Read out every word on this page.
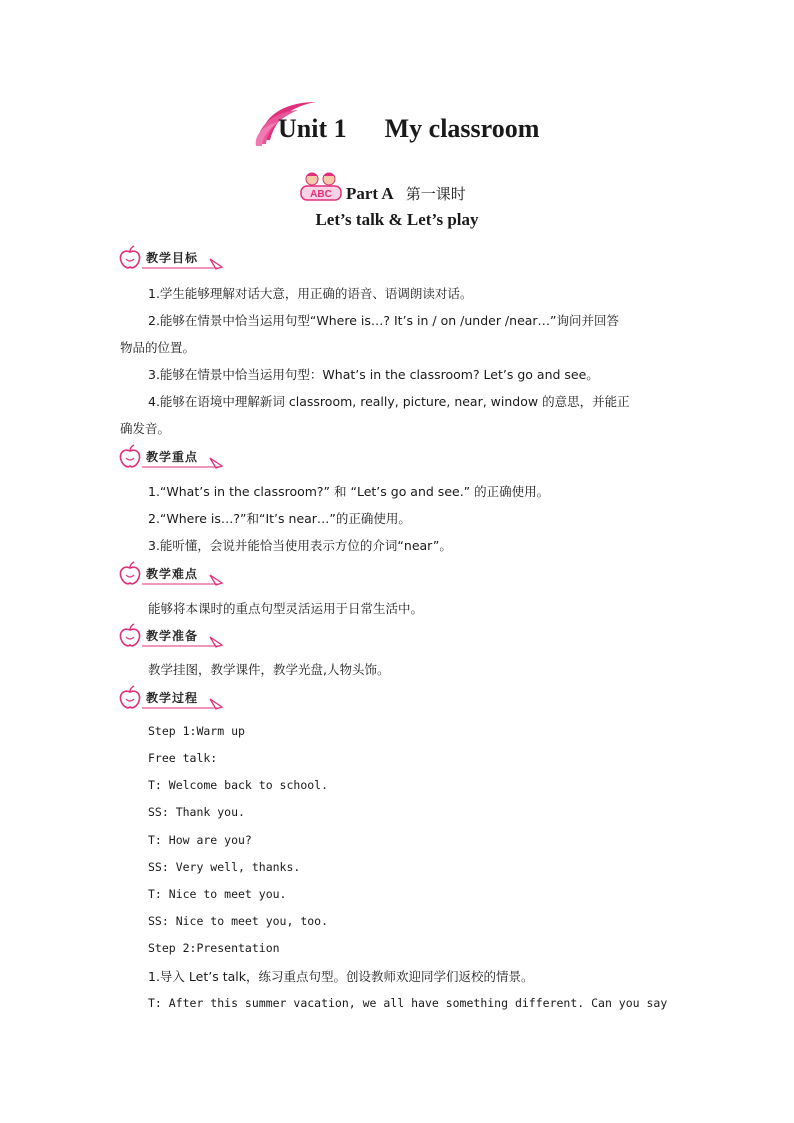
Unit 1 My classroom
ABC Part A 第一课时
Let’s talk & Let’s play
教学目标
1.学生能够理解对话大意，用正确的语音、语调朗读对话。
2.能够在情景中恰当运用句型“Where is…? It’s in / on /under /near…”询问并回答
物品的位置。
3.能够在情景中恰当运用句型：What’s in the classroom? Let’s go and see。
4.能够在语境中理解新词 classroom, really, picture, near, window 的意思，并能正
确发音。
教学重点
1.“What’s in the classroom?” 和 “Let’s go and see.” 的正确使用。
2.“Where is…?”和“It’s near…”的正确使用。
3.能听懂，会说并能恰当使用表示方位的介词“near”。
教学难点
能够将本课时的重点句型灵活运用于日常生活中。
教学准备
教学挂图，教学课件，教学光盘,人物头饰。
教学过程
Step 1:Warm up
Free talk:
T: Welcome back to school.
SS: Thank you.
T: How are you?
SS: Very well, thanks.
T: Nice to meet you.
SS: Nice to meet you, too.
Step 2:Presentation
1.导入 Let’s talk，练习重点句型。创设教师欢迎同学们返校的情景。
T: After this summer vacation, we all have something different. Can you say
